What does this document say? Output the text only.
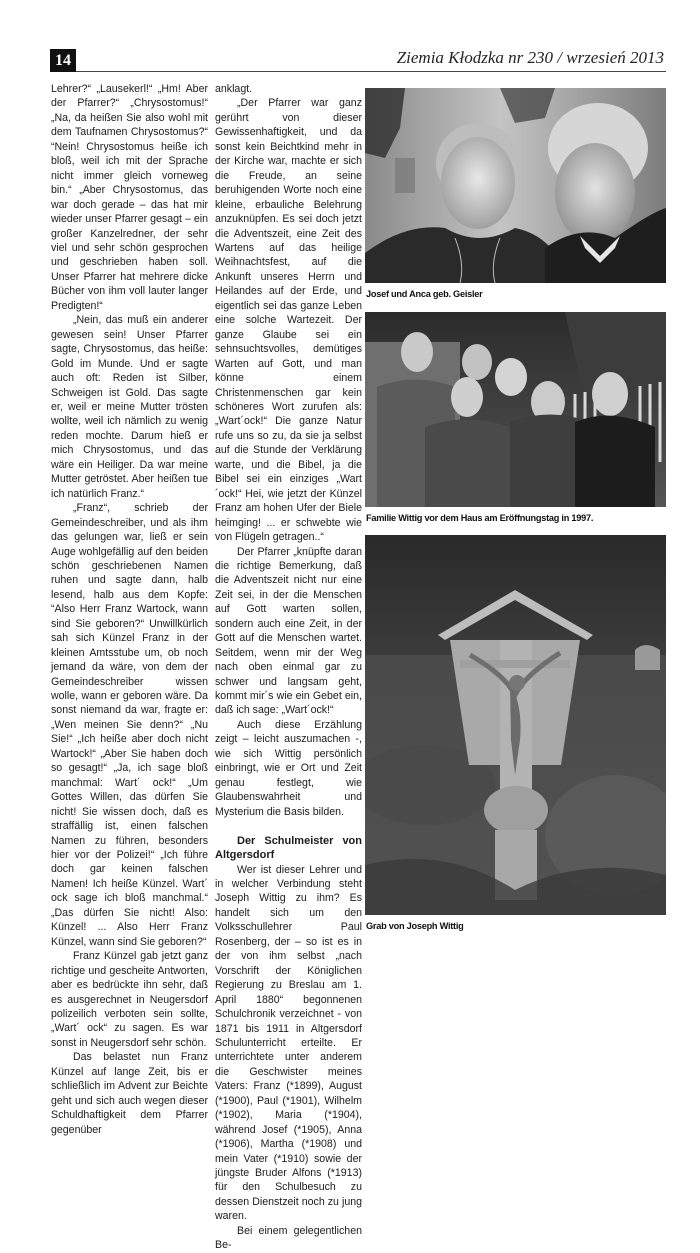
14	Ziemia Kłodzka nr 230 / wrzesień 2013

Lehrer?“ „Lausekerl!“ „Hm! Aber der Pfarrer?“ „Chrysostomus!“ „Na, da heißen Sie also wohl mit dem Taufnamen Chrysostomus?“ “Nein! Chrysostomus heiße ich bloß, weil ich mit der Sprache nicht immer gleich vorneweg bin.“ „Aber Chrysostomus, das war doch gerade – das hat mir wieder unser Pfarrer gesagt – ein großer Kanzelredner, der sehr viel und sehr schön gesprochen und geschrieben haben soll. Unser Pfarrer hat mehrere dicke Bücher von ihm voll lauter langer Predigten!“

„Nein, das muß ein anderer gewesen sein! Unser Pfarrer sagte, Chrysostomus, das heiße: Gold im Munde. Und er sagte auch oft: Reden ist Silber, Schweigen ist Gold. Das sagte er, weil er meine Mutter trösten wollte, weil ich nämlich zu wenig reden mochte. Darum hieß er mich Chrysostomus, und das wäre ein Heiliger. Da war meine Mutter getröstet. Aber heißen tue ich natürlich Franz.“

„Franz“, schrieb der Gemeindeschreiber, und als ihm das gelungen war, ließ er sein Auge wohlgefällig auf den beiden schön geschriebenen Namen ruhen und sagte dann, halb lesend, halb aus dem Kopfe: “Also Herr Franz Wartock, wann sind Sie geboren?“ Unwillkürlich sah sich Künzel Franz in der kleinen Amtsstube um, ob noch jemand da wäre, von dem der Gemeindeschreiber wissen wolle, wann er geboren wäre. Da sonst niemand da war, fragte er: „Wen meinen Sie denn?“ „Nu Sie!“ „Ich heiße aber doch nicht Wartock!“ „Aber Sie haben doch so gesagt!“ „Ja, ich sage bloß manchmal: Wart´ ock!“ „Um Gottes Willen, das dürfen Sie nicht! Sie wissen doch, daß es straffällig ist, einen falschen Namen zu führen, besonders hier vor der Polizei!“ „Ich führe doch gar keinen falschen Namen! Ich heiße Künzel. Wart´ ock sage ich bloß manchmal.“ „Das dürfen Sie nicht! Also: Künzel! ... Also Herr Franz Künzel, wann sind Sie geboren?“

Franz Künzel gab jetzt ganz richtige und gescheite Antworten, aber es bedrückte ihn sehr, daß es ausgerechnet in Neugersdorf polizeilich verboten sein sollte, „Wart´ ock“ zu sagen. Es war sonst in Neugersdorf sehr schön.

Das belastet nun Franz Künzel auf lange Zeit, bis er schließlich im Advent zur Beichte geht und sich auch wegen dieser Schuldhaftigkeit dem Pfarrer gegenüber

anklagt.

„Der Pfarrer war ganz gerührt von dieser Gewissenhaftigkeit, und da sonst kein Beichtkind mehr in der Kirche war, machte er sich die Freude, an seine beruhigenden Worte noch eine kleine, erbauliche Belehrung anzuknüpfen. Es sei doch jetzt die Adventszeit, eine Zeit des Wartens auf das heilige Weihnachtsfest, auf die Ankunft unseres Herrn und Heilandes auf der Erde, und eigentlich sei das ganze Leben eine solche Wartezeit. Der ganze Glaube sei ein sehnsuchtsvolles, demütiges Warten auf Gott, und man könne einem Christenmenschen gar kein schöneres Wort zurufen als: „Wart´ock!“ Die ganze Natur rufe uns so zu, da sie ja selbst auf die Stunde der Verklärung warte, und die Bibel, ja die Bibel sei ein einziges „Wart´ock!“ Hei, wie jetzt der Künzel Franz am hohen Ufer der Biele heimging! ... er schwebte wie von Flügeln getragen..“

Der Pfarrer „knüpfte daran die richtige Bemerkung, daß die Adventszeit nicht nur eine Zeit sei, in der die Menschen auf Gott warten sollen, sondern auch eine Zeit, in der Gott auf die Menschen wartet. Seitdem, wenn mir der Weg nach oben einmal gar zu schwer und langsam geht, kommt mir´s wie ein Gebet ein, daß ich sage: „Wart´ock!“

Auch diese Erzählung zeigt – leicht auszumachen -, wie sich Wittig persönlich einbringt, wie er Ort und Zeit genau festlegt, wie Glaubenswahrheit und Mysterium die Basis bilden.

Der Schulmeister von Altgersdorf

Wer ist dieser Lehrer und in welcher Verbindung steht Joseph Wittig zu ihm? Es handelt sich um den Volksschullehrer Paul Rosenberg, der – so ist es in der von ihm selbst „nach Vorschrift der Königlichen Regierung zu Breslau am 1. April 1880“ begonnenen Schulchronik verzeichnet - von 1871 bis 1911 in Altgersdorf Schulunterricht erteilte. Er unterrichtete unter anderem die Geschwister meines Vaters: Franz (*1899), August (*1900), Paul (*1901), Wilhelm (*1902), Maria (*1904), während Josef (*1905), Anna (*1906), Martha (*1908) und mein Vater (*1910) sowie der jüngste Bruder Alfons (*1913) für den Schulbesuch zu dessen Dienstzeit noch zu jung waren.

Bei einem gelegentlichen Be-

Josef und Anca geb. Geisler
Familie Wittig vor dem Haus am Eröffnungstag in 1997.
Grab von Joseph Wittig
